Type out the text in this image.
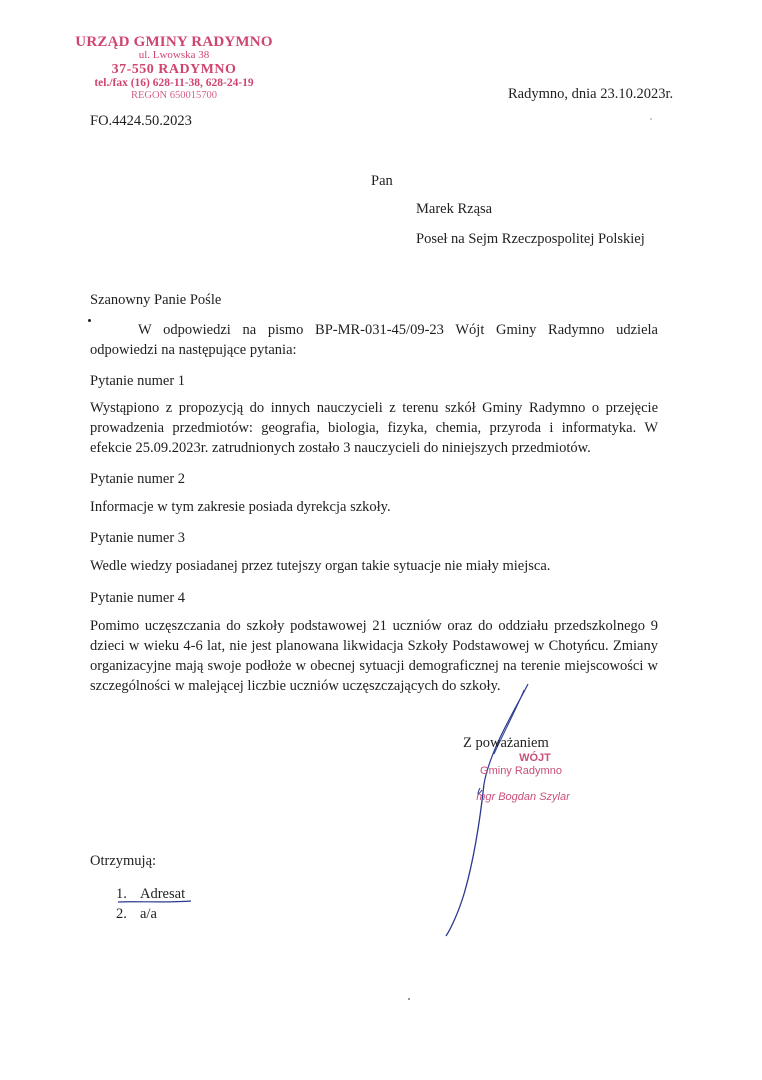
URZĄD GMINY RADYMNO
ul. Lwowska 38
37-550 RADYMNO
tel./fax (16) 628-11-38, 628-24-19
REGON 650015700
FO.4424.50.2023
Radymno, dnia 23.10.2023r.
Pan
Marek Rząsa
Poseł na Sejm Rzeczpospolitej Polskiej
Szanowny Panie Pośle
W odpowiedzi na pismo BP-MR-031-45/09-23 Wójt Gminy Radymno udziela odpowiedzi na następujące pytania:
Pytanie numer 1
Wystąpiono z propozycją do innych nauczycieli z terenu szkół Gminy Radymno o przejęcie prowadzenia przedmiotów: geografia, biologia, fizyka, chemia, przyroda i informatyka. W efekcie 25.09.2023r. zatrudnionych zostało 3 nauczycieli do niniejszych przedmiotów.
Pytanie numer 2
Informacje w tym zakresie posiada dyrekcja szkoły.
Pytanie numer 3
Wedle wiedzy posiadanej przez tutejszy organ takie sytuacje nie miały miejsca.
Pytanie numer 4
Pomimo uczęszczania do szkoły podstawowej 21 uczniów oraz do oddziału przedszkolnego 9 dzieci w wieku 4-6 lat, nie jest planowana likwidacja Szkoły Podstawowej w Chotyńcu. Zmiany organizacyjne mają swoje podłoże w obecnej sytuacji demograficznej na terenie miejscowości w szczególności w malejącej liczbie uczniów uczęszczających do szkoły.
Z poważaniem
WÓJT
Gminy Radymno
mgr Bogdan Szylar
Otrzymują:
1. Adresat
2. a/a
